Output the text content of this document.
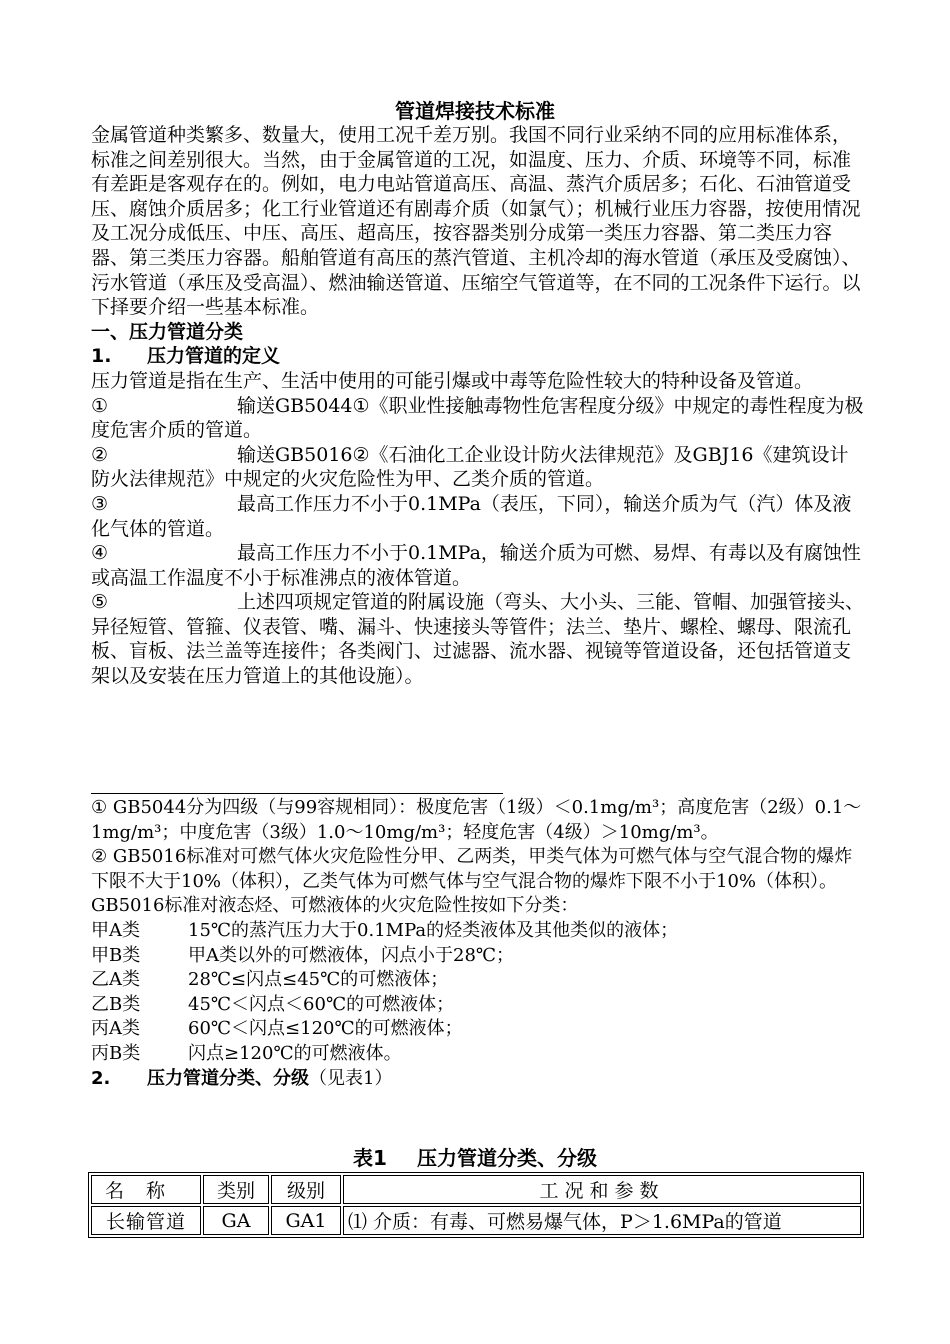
管道焊接技术标准

金属管道种类繁多、数量大，使用工况千差万别。我国不同行业采纳不同的应用标准体系，标准之间差别很大。当然，由于金属管道的工况，如温度、压力、介质、环境等不同，标准有差距是客观存在的。例如，电力电站管道高压、高温、蒸汽介质居多；石化、石油管道受压、腐蚀介质居多；化工行业管道还有剧毒介质（如氯气）；机械行业压力容器，按使用情况及工况分成低压、中压、高压、超高压，按容器类别分成第一类压力容器、第二类压力容器、第三类压力容器。船舶管道有高压的蒸汽管道、主机冷却的海水管道（承压及受腐蚀）、污水管道（承压及受高温）、燃油输送管道、压缩空气管道等，在不同的工况条件下运行。以下择要介绍一些基本标准。

一、压力管道分类

1. 压力管道的定义

压力管道是指在生产、生活中使用的可能引爆或中毒等危险性较大的特种设备及管道。

①	输送GB5044①《职业性接触毒物性危害程度分级》中规定的毒性程度为极度危害介质的管道。

②	输送GB5016②《石油化工企业设计防火法律规范》及GBJ16《建筑设计防火法律规范》中规定的火灾危险性为甲、乙类介质的管道。

③	最高工作压力不小于0.1MPa（表压，下同），输送介质为气（汽）体及液化气体的管道。

④	最高工作压力不小于0.1MPa，输送介质为可燃、易焊、有毒以及有腐蚀性或高温工作温度不小于标准沸点的液体管道。

⑤	上述四项规定管道的附属设施（弯头、大小头、三能、管帽、加强管接头、异径短管、管箍、仪表管、嘴、漏斗、快速接头等管件；法兰、垫片、螺栓、螺母、限流孔板、盲板、法兰盖等连接件；各类阀门、过滤器、流水器、视镜等管道设备，还包括管道支架以及安装在压力管道上的其他设施）。

① GB5044分为四级（与99容规相同）：极度危害（1级）＜0.1mg/m³；高度危害（2级）0.1～1mg/m³；中度危害（3级）1.0～10mg/m³；轻度危害（4级）＞10mg/m³。

② GB5016标准对可燃气体火灾危险性分甲、乙两类，甲类气体为可燃气体与空气混合物的爆炸下限不大于10%（体积），乙类气体为可燃气体与空气混合物的爆炸下限不小于10%（体积）。

GB5016标准对液态烃、可燃液体的火灾危险性按如下分类：

甲A类	15℃的蒸汽压力大于0.1MPa的烃类液体及其他类似的液体；

甲B类	甲A类以外的可燃液体，闪点小于28℃；

乙A类	28℃≤闪点≤45℃的可燃液体；

乙B类	45℃＜闪点＜60℃的可燃液体；

丙A类	60℃＜闪点≤120℃的可燃液体；

丙B类	闪点≥120℃的可燃液体。

2. 压力管道分类、分级（见表1）

表1 压力管道分类、分级
名称	类别	级别	工况和参数
长输管道	GA	GA1	⑴ 介质：有毒、可燃易爆气体，P＞1.6MPa的管道
